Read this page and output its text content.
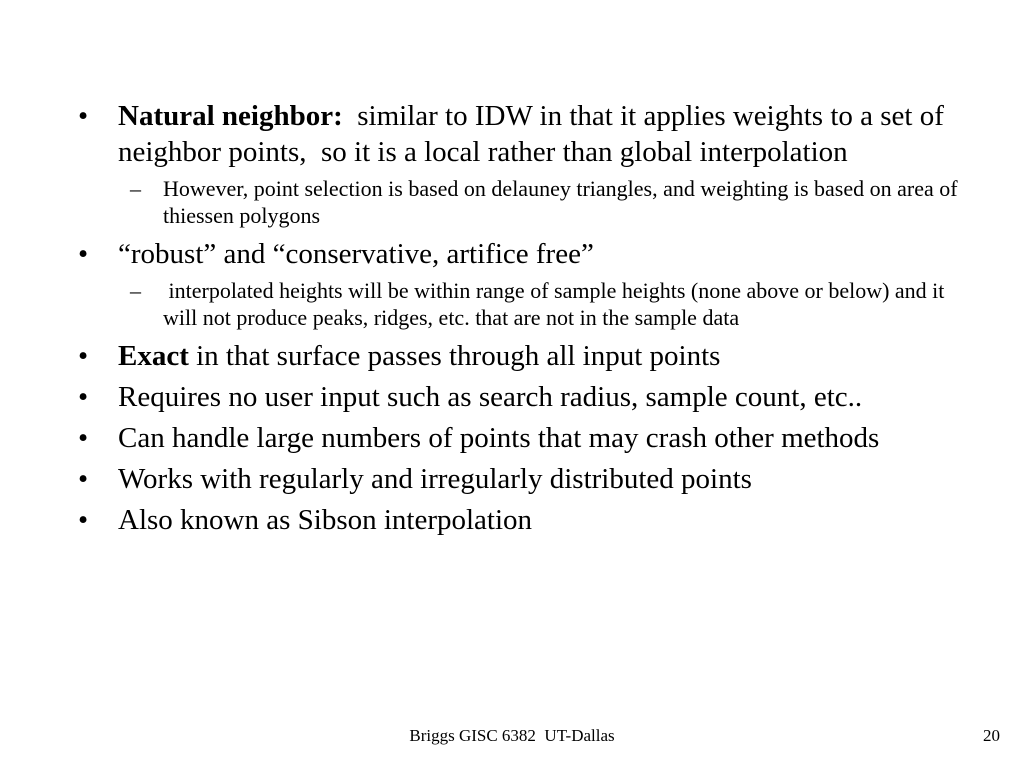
• Natural neighbor:  similar to IDW in that it applies weights to a set of neighbor points,  so it is a local rather than global interpolation
– However, point selection is based on delauney triangles, and weighting is based on area of thiessen polygons
• “robust” and “conservative, artifice free”
– interpolated heights will be within range of sample heights (none above or below) and it will not produce peaks, ridges, etc. that are not in the sample data
• Exact in that surface passes through all input points
• Requires no user input such as search radius, sample count, etc..
• Can handle large numbers of points that may crash other methods
• Works with regularly and irregularly distributed points
• Also known as Sibson interpolation
Briggs GISC 6382  UT-Dallas	20
